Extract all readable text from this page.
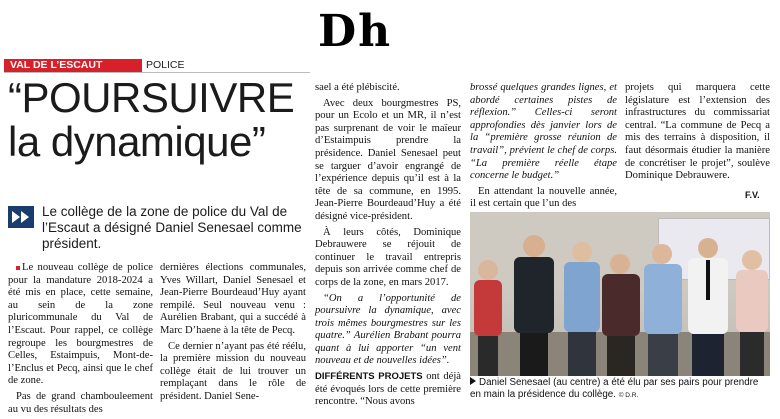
Dh
VAL DE L’ESCAUT	POLICE
“POURSUIVRE
la dynamique”
Le collège de la zone de police du Val de l’Escaut a désigné Daniel Senesael comme président.

Le nouveau collège de police pour la mandature 2018-2024 a été mis en place, cette semaine, au sein de la zone pluricommunale du Val de l’Escaut. Pour rappel, ce collège regroupe les bourgmestres de Celles, Estaimpuis, Mont-de-l’Enclus et Pecq, ainsi que le chef de zone.

Pas de grand chambouleement au vu des résultats des

dernières élections communales, Yves Willart, Daniel Senesael et Jean-Pierre Bourdeaud’Huy ayant rempilé. Seul nouveau venu : Aurélien Brabant, qui a succédé à Marc D’haene à la tête de Pecq.

Ce dernier n’ayant pas été réélu, la première mission du nouveau collège était de lui trouver un remplaçant dans le rôle de président. Daniel Sene-

sael a été plébiscité.

Avec deux bourgmestres PS, pour un Ecolo et un MR, il n’est pas surprenant de voir le maïeur d’Estaimpuis prendre la présidence. Daniel Senesael peut se targuer d’avoir engrangé de l’expérience depuis qu’il est à la tête de sa commune, en 1995. Jean-Pierre Bourdeaud’Huy a été désigné vice-président.

À leurs côtés, Dominique Debrauwere se réjouit de continuer le travail entrepris depuis son arrivée comme chef de corps de la zone, en mars 2017.

“On a l’opportunité de poursuivre la dynamique, avec trois mêmes bourgmestres sur les quatre.” Aurélien Brabant pourra quant à lui apporter “un vent nouveau et de nouvelles idées”.

DIFFÉRENTS PROJETS ont déjà été évoqués lors de cette première rencontre. “Nous avons

brossé quelques grandes lignes, et abordé certaines pistes de réflexion.” Celles-ci seront approfondies dès janvier lors de la “première grosse réunion de travail”, prévient le chef de corps. “La première réelle étape concerne le budget.”

En attendant la nouvelle année, il est certain que l’un des

projets qui marquera cette législature est l’extension des infrastructures du commissariat central. “La commune de Pecq a mis des terrains à disposition, il faut désormais étudier la manière de concrétiser le projet”, soulève Dominique Debrauwere.

F.V.
Daniel Senesael (au centre) a été élu par ses pairs pour prendre en main la présidence du collège. © D.R.
